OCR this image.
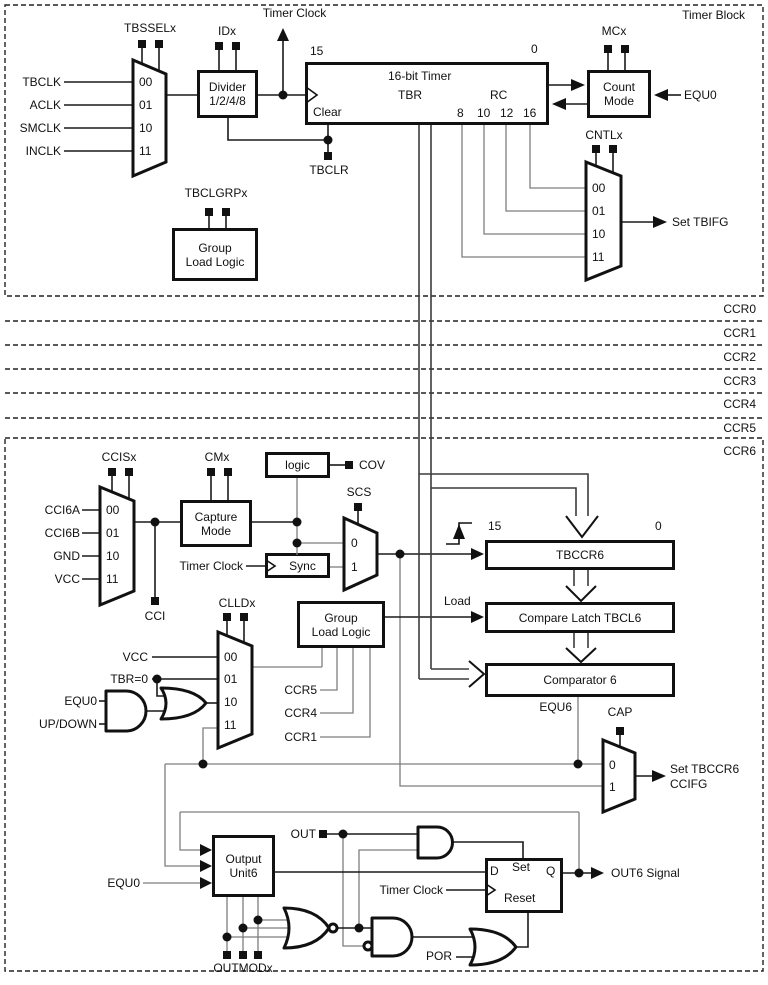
Divider
1/2/4/8
Count
Mode
Group
Load Logic
Capture
Mode
logic
Sync
TBCCR6
Compare Latch TBCL6
Comparator 6
Group
Load Logic
Output
Unit6
Timer Block
TBSSELx
TBCLK
ACLK
SMCLK
INCLK
00
01
10
11
IDx
Timer Clock
15	0
16-bit Timer
TBR	RC
8 10 12 16
Clear
TBCLR
MCx
EQU0
CNTLx
00
01
10
11
Set TBIFG
TBCLGRPx
CCR0
CCR1
CCR2
CCR3
CCR4
CCR5
CCR6
CCISx
CCI6A
CCI6B
GND
VCC
00
01
10
11
CCI
CMx
COV
Timer Clock
SCS
0
1
15	0
Load
EQU6
CLLDx
VCC
TBR=0
EQU0
UP/DOWN
00
01
10
11
CCR5
CCR4
CCR1
CAP
0
1
Set TBCCR6
CCIFG
OUT
EQU0
OUTMODx
Timer Clock
D Set Q
Reset
POR
OUT6 Signal
